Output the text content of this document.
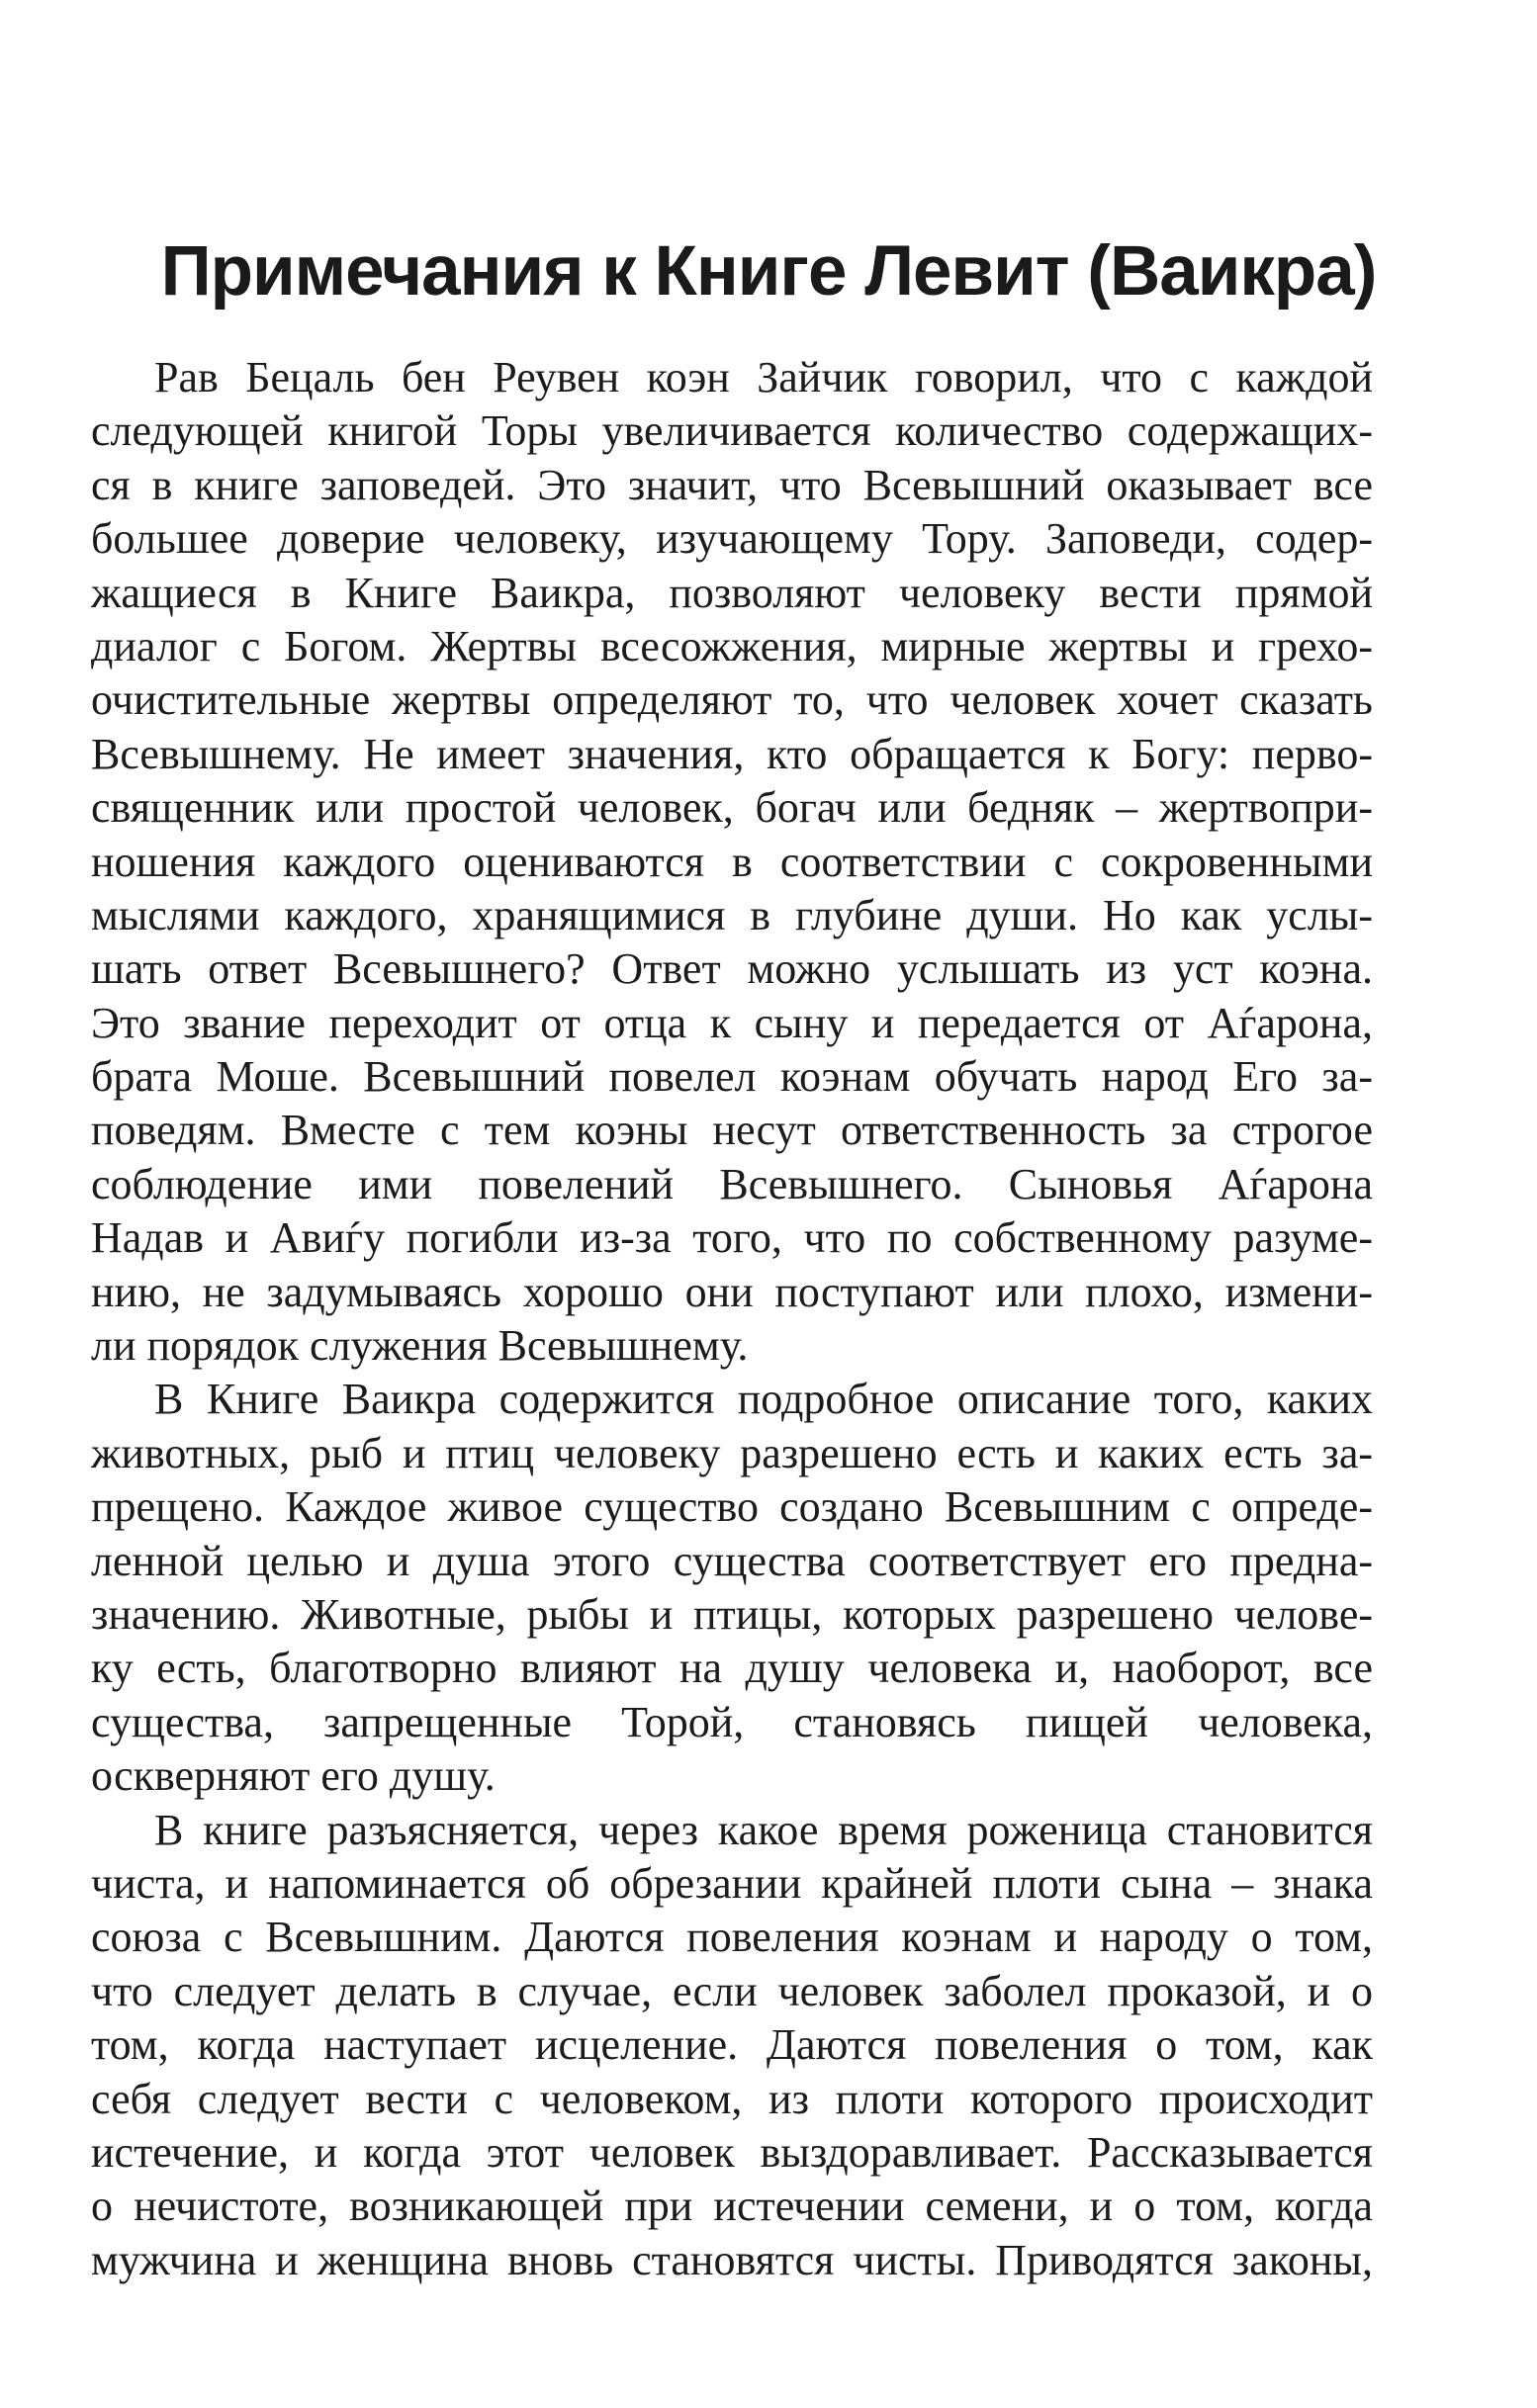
Примечания к Книге Левит (Ваикра)
Рав Бецаль бен Реувен коэн Зайчик говорил, что с каждой
следующей книгой Торы увеличивается количество содержащих-
ся в книге заповедей. Это значит, что Всевышний оказывает все
большее доверие человеку, изучающему Тору. Заповеди, содер-
жащиеся в Книге Ваикра, позволяют человеку вести прямой
диалог с Богом. Жертвы всесожжения, мирные жертвы и грехо-
очистительные жертвы определяют то, что человек хочет сказать
Всевышнему. Не имеет значения, кто обращается к Богу: перво-
священник или простой человек, богач или бедняк – жертвопри-
ношения каждого оцениваются в соответствии с сокровенными
мыслями каждого, хранящимися в глубине души. Но как услы-
шать ответ Всевышнего? Ответ можно услышать из уст коэна.
Это звание переходит от отца к сыну и передается от Аѓарона,
брата Моше. Всевышний повелел коэнам обучать народ Его за-
поведям. Вместе с тем коэны несут ответственность за строгое
соблюдение ими повелений Всевышнего. Сыновья Аѓарона
Надав и Авиѓу погибли из-за того, что по собственному разуме-
нию, не задумываясь хорошо они поступают или плохо, измени-
ли порядок служения Всевышнему.
В Книге Ваикра содержится подробное описание того, каких
животных, рыб и птиц человеку разрешено есть и каких есть за-
прещено. Каждое живое существо создано Всевышним с опреде-
ленной целью и душа этого существа соответствует его предна-
значению. Животные, рыбы и птицы, которых разрешено челове-
ку есть, благотворно влияют на душу человека и, наоборот, все
существа, запрещенные Торой, становясь пищей человека,
оскверняют его душу.
В книге разъясняется, через какое время роженица становится
чиста, и напоминается об обрезании крайней плоти сына – знака
союза с Всевышним. Даются повеления коэнам и народу о том,
что следует делать в случае, если человек заболел проказой, и о
том, когда наступает исцеление. Даются повеления о том, как
себя следует вести с человеком, из плоти которого происходит
истечение, и когда этот человек выздоравливает. Рассказывается
о нечистоте, возникающей при истечении семени, и о том, когда
мужчина и женщина вновь становятся чисты. Приводятся законы,
